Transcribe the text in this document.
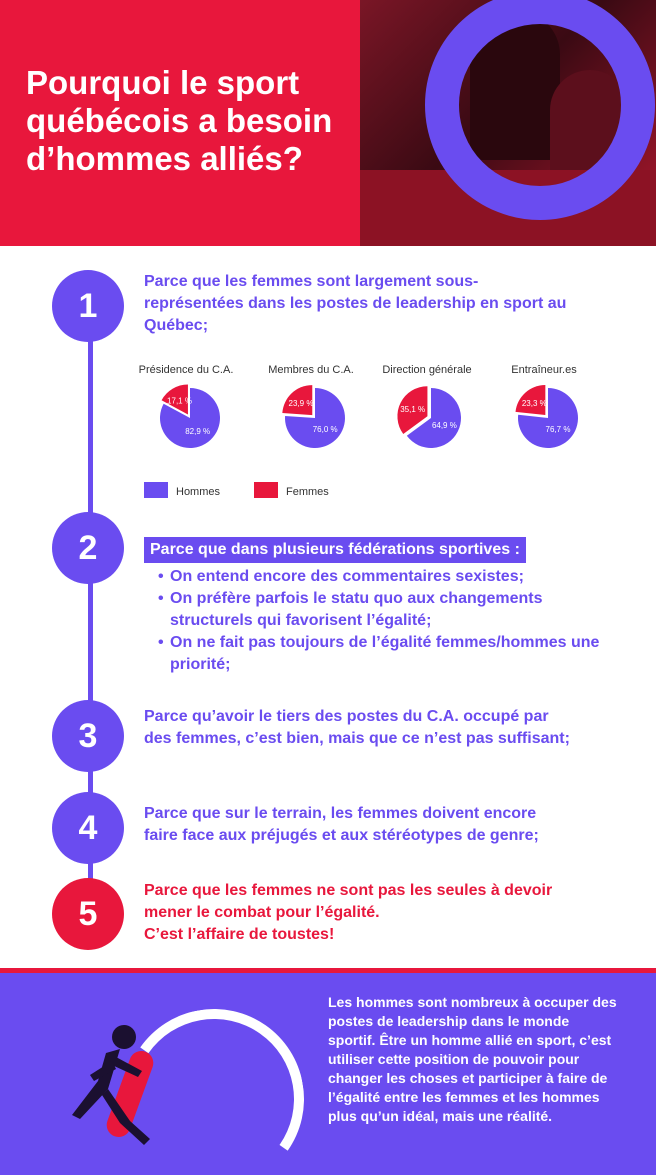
Pourquoi le sport
québécois a besoin
d’hommes alliés?
1

Parce que les femmes sont largement sous-représentées dans les postes de leadership en sport au Québec;

Présidence du C.A.
82,9 %
17,1 %
Membres du C.A.
76,0 %
23,9 %
Direction générale
64,9 %
35,1 %
Entraîneur.es
76,7 %
23,3 %
Hommes	Femmes
2	Parce que dans plusieurs fédérations sportives :
• On entend encore des commentaires sexistes;
• On préfère parfois le statu quo aux changements structurels qui favorisent l’égalité;
• On ne fait pas toujours de l’égalité femmes/hommes une priorité;
3	Parce qu’avoir le tiers des postes du C.A. occupé par des femmes, c’est bien, mais que ce n’est pas suffisant;

4	Parce que sur le terrain, les femmes doivent encore faire face aux préjugés et aux stéréotypes de genre;

5

Parce que les femmes ne sont pas les seules à devoir mener le combat pour l’égalité.
C’est l’affaire de toustes!

Les hommes sont nombreux à occuper des postes de leadership dans le monde sportif. Être un homme allié en sport, c’est utiliser cette position de pouvoir pour changer les choses et participer à faire de l’égalité entre les femmes et les hommes plus qu’un idéal, mais une réalité.
